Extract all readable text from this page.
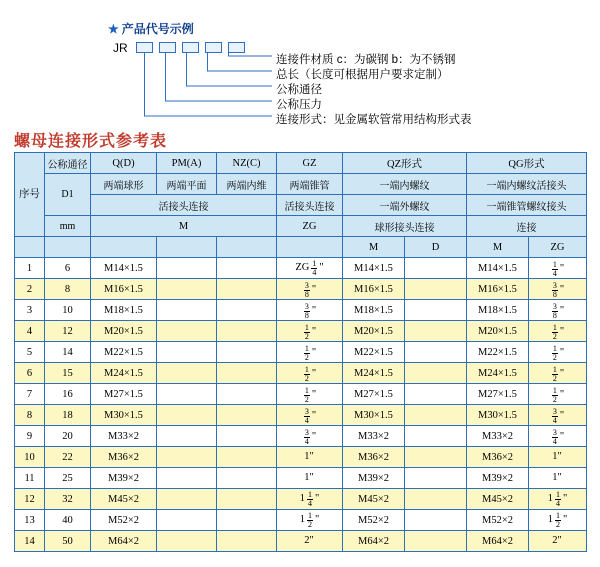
★ 产品代号示例
JR
连接件材质 c：为碳钢 b：为不锈钢
总长（长度可根据用户要求定制）
公称通径
公称压力
连接形式：见金属软管常用结构形式表
螺母连接形式参考表
序号	公称通径	Q(D)	PM(A)	NZ(C)	GZ	QZ形式		QG形式	
	D1	两端球形	两端平面	两端内维	两端锥管	一端内螺纹		一端内螺纹活接头	
		活接头连接			活接头连接	一端外螺纹		一端锥管螺纹接头	
	mm	M			ZG	球形接头连接		连接	
						M	D	M	ZG
1	6	M14×1.5			ZG $\frac{1}{4}$ "	M14×1.5		M14×1.5	$\frac{1}{4}$ "

2	8	M16×1.5			$\frac{3}{8}$ "	M16×1.5		M16×1.5	$\frac{3}{8}$ "

3	10	M18×1.5			$\frac{3}{8}$ "	M18×1.5		M18×1.5	$\frac{3}{8}$ "

4	12	M20×1.5			$\frac{1}{2}$ "	M20×1.5		M20×1.5	$\frac{1}{2}$ "

5	14	M22×1.5			$\frac{1}{2}$ "	M22×1.5		M22×1.5	$\frac{1}{2}$ "

6	15	M24×1.5			$\frac{1}{2}$ "	M24×1.5		M24×1.5	$\frac{1}{2}$ "

7	16	M27×1.5			$\frac{1}{2}$ "	M27×1.5		M27×1.5	$\frac{1}{2}$ "

8	18	M30×1.5			$\frac{3}{4}$ "	M30×1.5		M30×1.5	$\frac{3}{4}$ "

9	20	M33×2			$\frac{3}{4}$ "	M33×2		M33×2	$\frac{3}{4}$ "

10	22	M36×2			1"	M36×2		M36×2	1"

11	25	M39×2			1"	M39×2		M39×2	1"

12	32	M45×2			$1 \frac{1}{4}$ "	M45×2		M45×2	$1 \frac{1}{4}$ "

13	40	M52×2			$1 \frac{1}{2}$ "	M52×2		M52×2	$1 \frac{1}{2}$ "

14	50	M64×2			2"	M64×2		M64×2	2"
